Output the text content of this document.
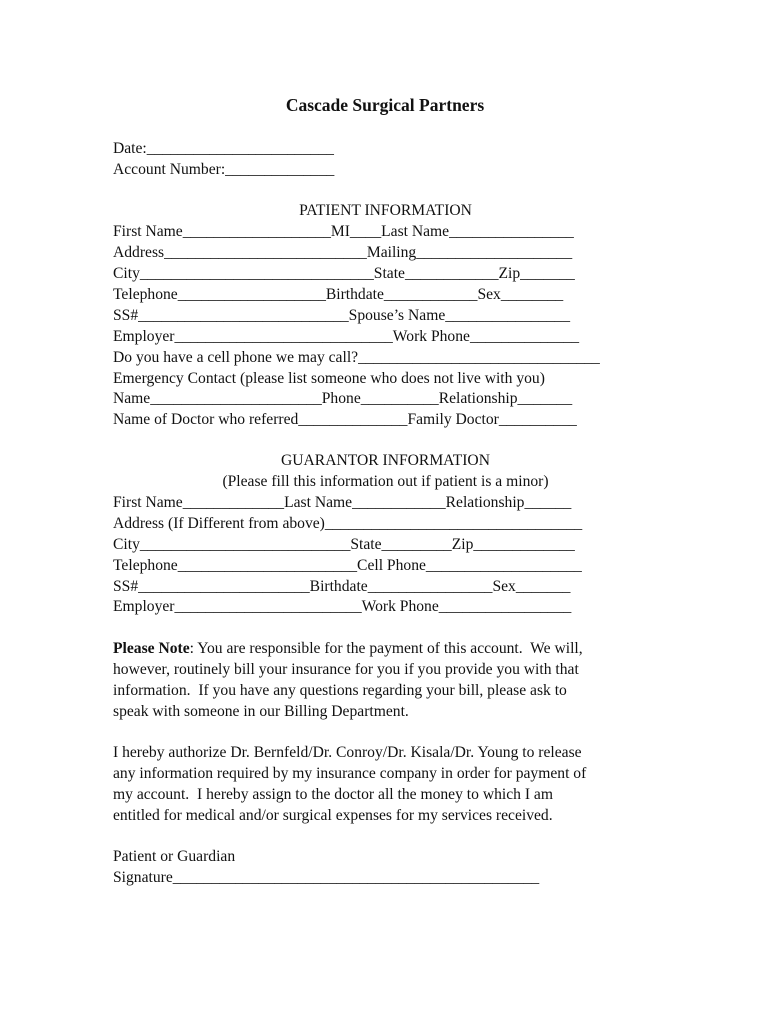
Cascade Surgical Partners
Date:________________________
Account Number:______________
PATIENT INFORMATION
First Name___________________MI____Last Name________________
Address__________________________Mailing____________________
City______________________________State____________Zip_______
Telephone___________________Birthdate____________Sex________
SS#___________________________Spouse’s Name________________
Employer____________________________Work Phone______________
Do you have a cell phone we may call?_______________________________
Emergency Contact (please list someone who does not live with you)
Name______________________Phone__________Relationship_______
Name of Doctor who referred______________Family Doctor__________
GUARANTOR INFORMATION
(Please fill this information out if patient is a minor)
First Name_____________Last Name____________Relationship______
Address (If Different from above)_________________________________
City___________________________State_________Zip_____________
Telephone_______________________Cell Phone____________________
SS#______________________Birthdate________________Sex_______
Employer________________________Work Phone_________________
Please Note: You are responsible for the payment of this account.  We will,
however, routinely bill your insurance for you if you provide you with that
information.  If you have any questions regarding your bill, please ask to
speak with someone in our Billing Department.
I hereby authorize Dr. Bernfeld/Dr. Conroy/Dr. Kisala/Dr. Young to release
any information required by my insurance company in order for payment of
my account.  I hereby assign to the doctor all the money to which I am
entitled for medical and/or surgical expenses for my services received.
Patient or Guardian
Signature_______________________________________________
